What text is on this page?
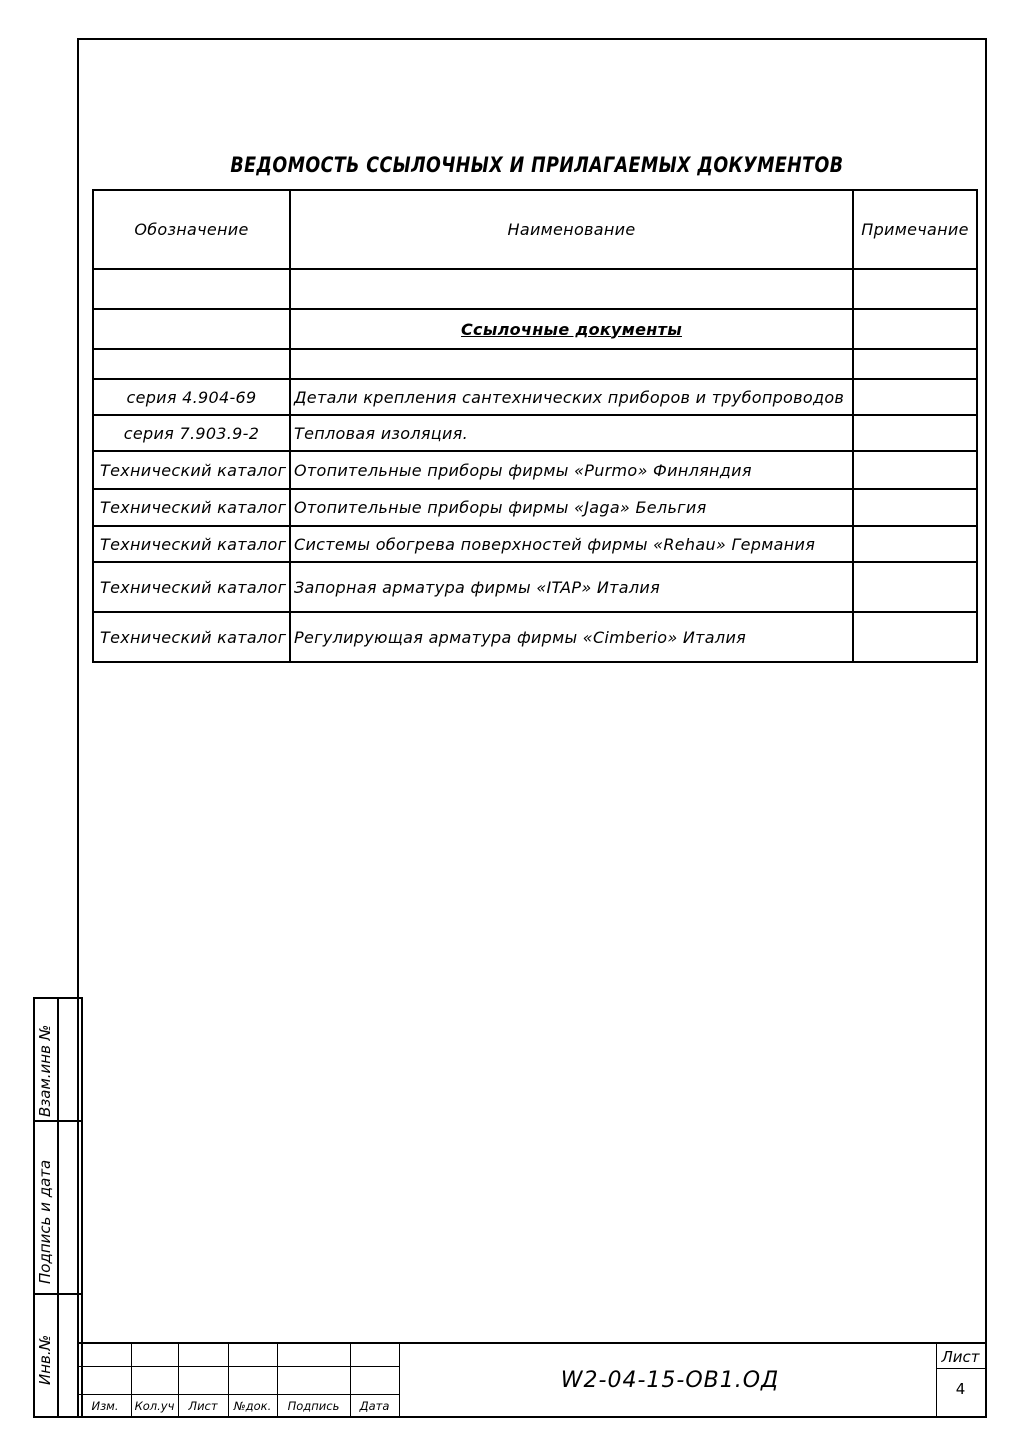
ВЕДОМОСТЬ ССЫЛОЧНЫХ И ПРИЛАГАЕМЫХ ДОКУМЕНТОВ
Обозначение	Наименование	Примечание

	Ссылочные документы	

серия 4.904-69	Детали крепления сантехнических приборов и трубопроводов	
серия 7.903.9-2	Тепловая изоляция.	
Технический каталог	Отопительные приборы фирмы «Purmo» Финляндия	
Технический каталог	Отопительные приборы фирмы «Jaga» Бельгия	
Технический каталог	Системы обогрева поверхностей фирмы «Rehau» Германия	
Технический каталог	Запорная арматура фирмы «ITAP» Италия	
Технический каталог	Регулирующая арматура фирмы «Cimberio» Италия	
Взам.инв №
Подпись и дата
Инв.№
Изм.	Кол.уч	Лист	№док.	Подпись	Дата
Лист
4
W2-04-15-ОВ1.ОД
